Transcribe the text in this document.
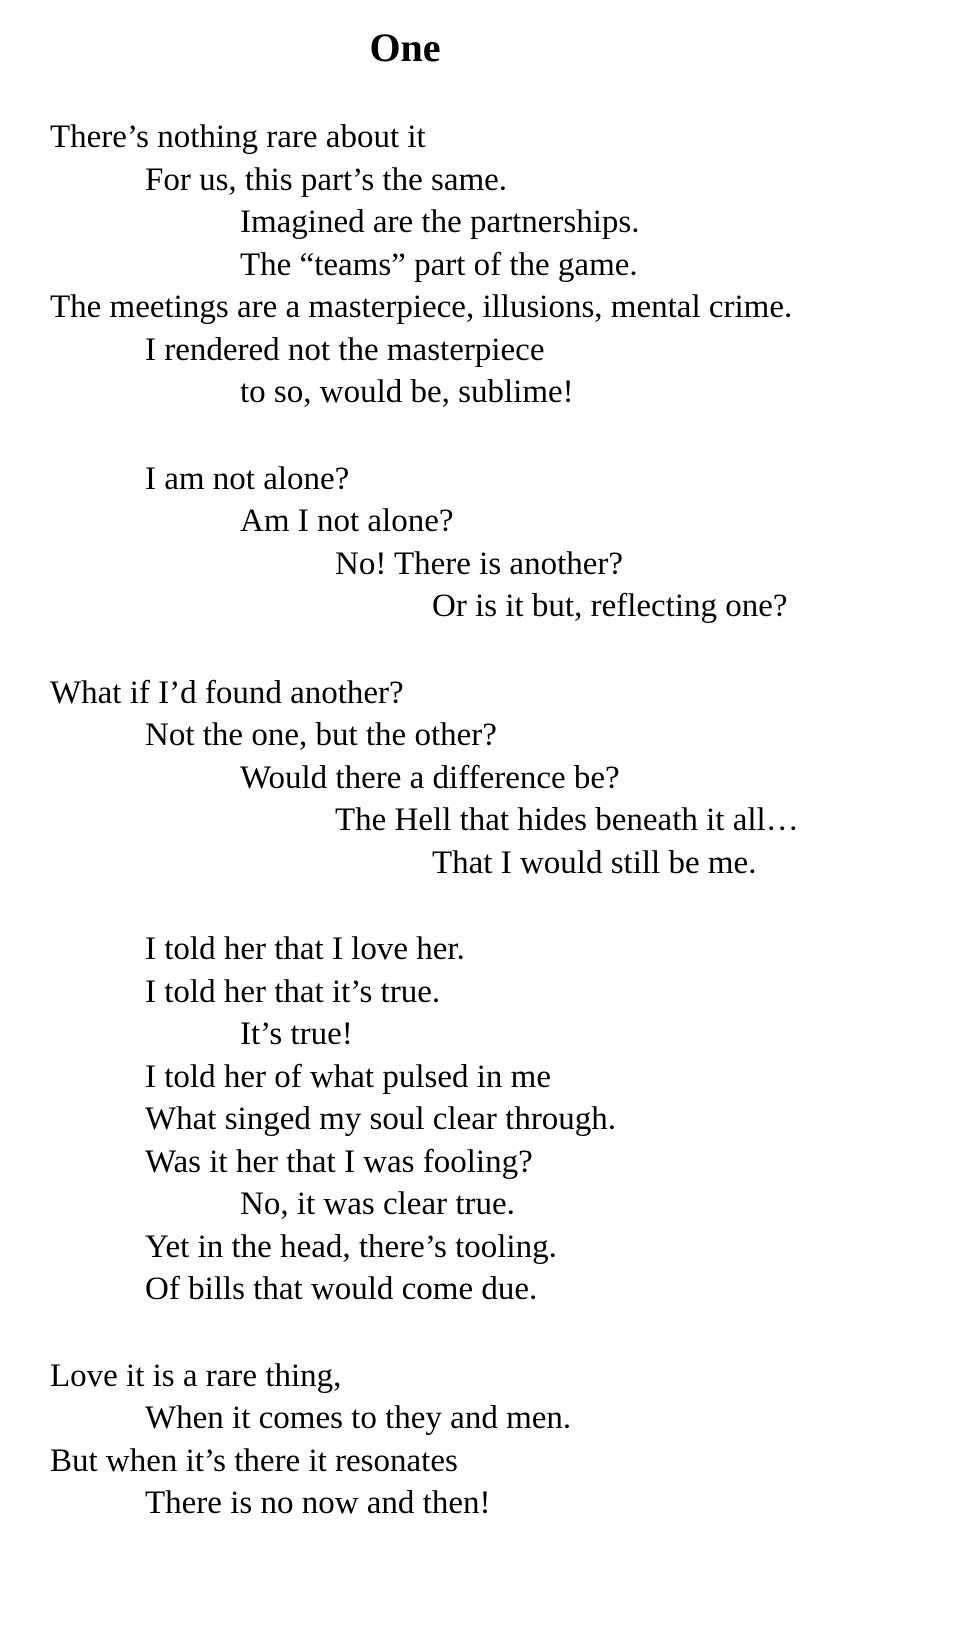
One

There’s nothing rare about it

For us, this part’s the same.

Imagined are the partnerships.

The “teams” part of the game.

The meetings are a masterpiece, illusions, mental crime.

I rendered not the masterpiece

to so, would be, sublime!

I am not alone?

Am I not alone?

No! There is another?

Or is it but, reflecting one?

What if I’d found another?

Not the one, but the other?

Would there a difference be?

The Hell that hides beneath it all…

That I would still be me.

I told her that I love her.

I told her that it’s true.

It’s true!

I told her of what pulsed in me

What singed my soul clear through.

Was it her that I was fooling?

No, it was clear true.

Yet in the head, there’s tooling.

Of bills that would come due.

Love it is a rare thing,

When it comes to they and men.

But when it’s there it resonates

There is no now and then!
